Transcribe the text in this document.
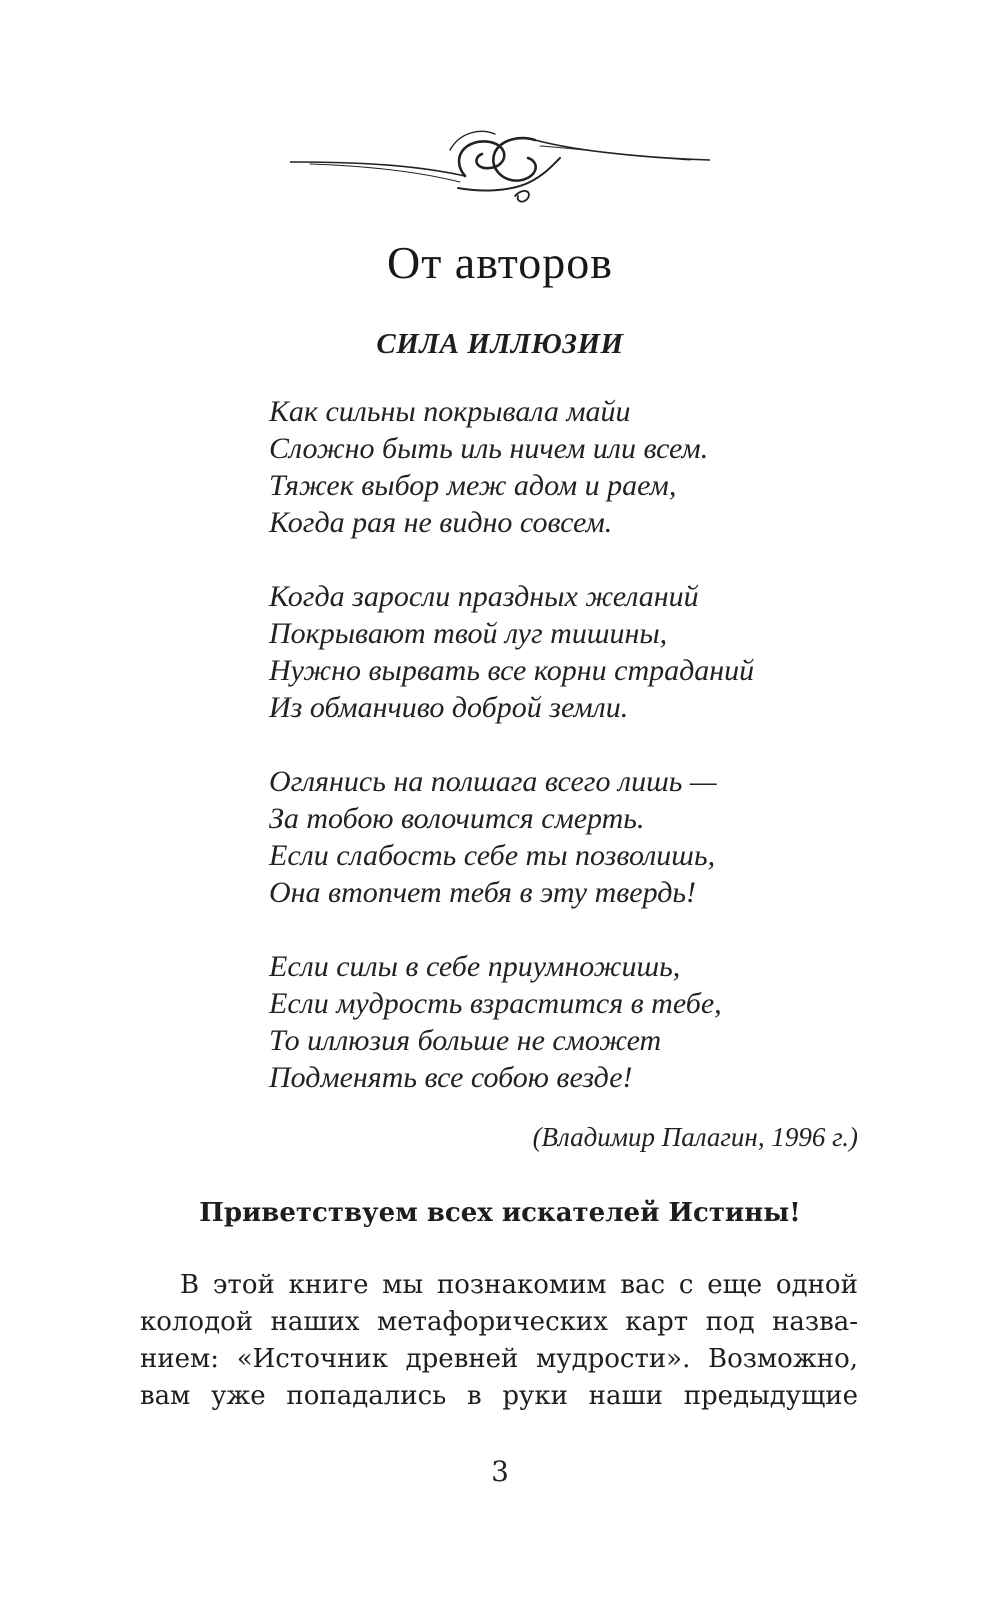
От авторов
СИЛА ИЛЛЮЗИИ
Как сильны покрывала майи
Сложно быть иль ничем или всем.
Тяжек выбор меж адом и раем,
Когда рая не видно совсем.
Когда заросли праздных желаний
Покрывают твой луг тишины,
Нужно вырвать все корни страданий
Из обманчиво доброй земли.
Оглянись на полшага всего лишь —
За тобою волочится смерть.
Если слабость себе ты позволишь,
Она втопчет тебя в эту твердь!
Если силы в себе приумножишь,
Если мудрость взрастится в тебе,
То иллюзия больше не сможет
Подменять все собою везде!
(Владимир Палагин, 1996 г.)
Приветствуем всех искателей Истины!
В этой книге мы познакомим вас с еще одной
колодой наших метафорических карт под назва-
нием: «Источник древней мудрости». Возможно,
вам уже попадались в руки наши предыдущие
3
